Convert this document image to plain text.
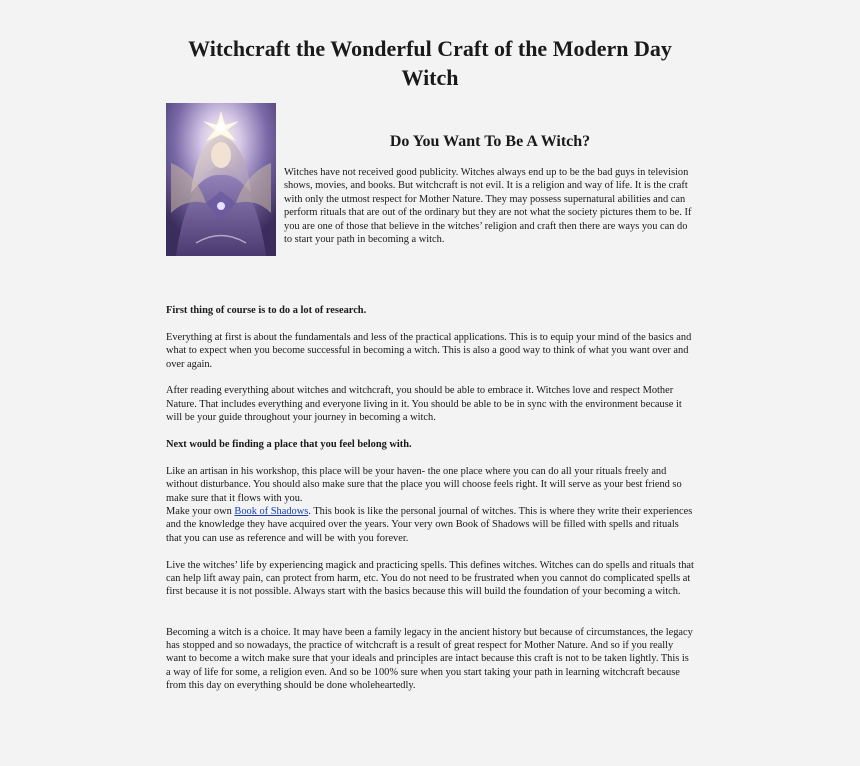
Witchcraft the Wonderful Craft of the Modern Day Witch
Do You Want To Be A Witch?

Witches have not received good publicity. Witches always end up to be the bad guys in television shows, movies, and books. But witchcraft is not evil. It is a religion and way of life. It is the craft with only the utmost respect for Mother Nature. They may possess supernatural abilities and can perform rituals that are out of the ordinary but they are not what the society pictures them to be. If you are one of those that believe in the witches’ religion and craft then there are ways you can do to start your path in becoming a witch.

First thing of course is to do a lot of research.

Everything at first is about the fundamentals and less of the practical applications. This is to equip your mind of the basics and what to expect when you become successful in becoming a witch. This is also a good way to think of what you want over and over again.

After reading everything about witches and witchcraft, you should be able to embrace it. Witches love and respect Mother Nature. That includes everything and everyone living in it. You should be able to be in sync with the environment because it will be your guide throughout your journey in becoming a witch.

Next would be finding a place that you feel belong with.

Like an artisan in his workshop, this place will be your haven- the one place where you can do all your rituals freely and without disturbance. You should also make sure that the place you will choose feels right. It will serve as your best friend so make sure that it flows with you.

Make your own Book of Shadows. This book is like the personal journal of witches. This is where they write their experiences and the knowledge they have acquired over the years. Your very own Book of Shadows will be filled with spells and rituals that you can use as reference and will be with you forever.

Live the witches’ life by experiencing magick and practicing spells. This defines witches. Witches can do spells and rituals that can help lift away pain, can protect from harm, etc. You do not need to be frustrated when you cannot do complicated spells at first because it is not possible. Always start with the basics because this will build the foundation of your becoming a witch.

Becoming a witch is a choice. It may have been a family legacy in the ancient history but because of circumstances, the legacy has stopped and so nowadays, the practice of witchcraft is a result of great respect for Mother Nature. And so if you really want to become a witch make sure that your ideals and principles are intact because this craft is not to be taken lightly. This is a way of life for some, a religion even. And so be 100% sure when you start taking your path in learning witchcraft because from this day on everything should be done wholeheartedly.
